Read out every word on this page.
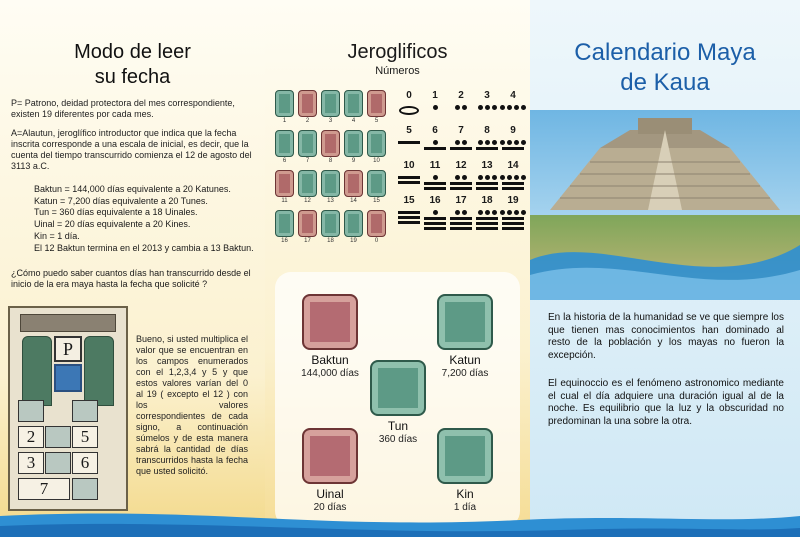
Modo de leer
su fecha
P= Patrono, deidad protectora del mes correspondiente, existen 19 diferentes por cada mes.
A=Alautun, jeroglífico introductor que indica que la fecha inscrita corresponde a una escala de inicial, es decir, que la cuenta del tiempo transcurrido comienza el 12 de agosto del 3113 a.C.
Baktun = 144,000 días equivalente a 20 Katunes.
Katun = 7,200 días equivalente a 20 Tunes.
Tun = 360 días equivalente a 18 Uinales.
Uinal = 20 días equivalente a 20 Kines.
Kin = 1 día.
El 12 Baktun termina en el 2013 y cambia a 13 Baktun.
¿Cómo puedo saber cuantos días han transcurrido desde el inicio de la era maya hasta la fecha que solicité ?
P
2	5
3	6
7
Bueno, si usted multiplica el valor que se encuentran en los campos enumerados con el 1,2,3,4 y 5 y que estos valores varían del 0 al 19 ( excepto el 12 ) con los valores correspondientes de cada signo, a continuación súmelos y de esta manera sabrá la cantidad de días transcurridos hasta la fecha que usted solicitó.
Jeroglificos
Números
1	2	3	4	5
6	7	8	9	10
11	12	13	14	15
16	17	18	19	0
0	1	2	3	4
5	6	7	8	9
10	11	12	13	14
15	16	17	18	19
Baktun
144,000 días
Katun
7,200 días
Tun
360 días
Uinal
20 días
Kin
1 día
Calendario Maya
de Kaua
En la historia de la humanidad se ve que siempre los que tienen mas conocimientos han dominado al resto de la población y los mayas no fueron la excepción.
El equinoccio es el fenómeno astronomico mediante el cual el día adquiere una duración igual al de la noche. Es equilibrio que la luz y la obscuridad no predominan la una sobre la otra.
